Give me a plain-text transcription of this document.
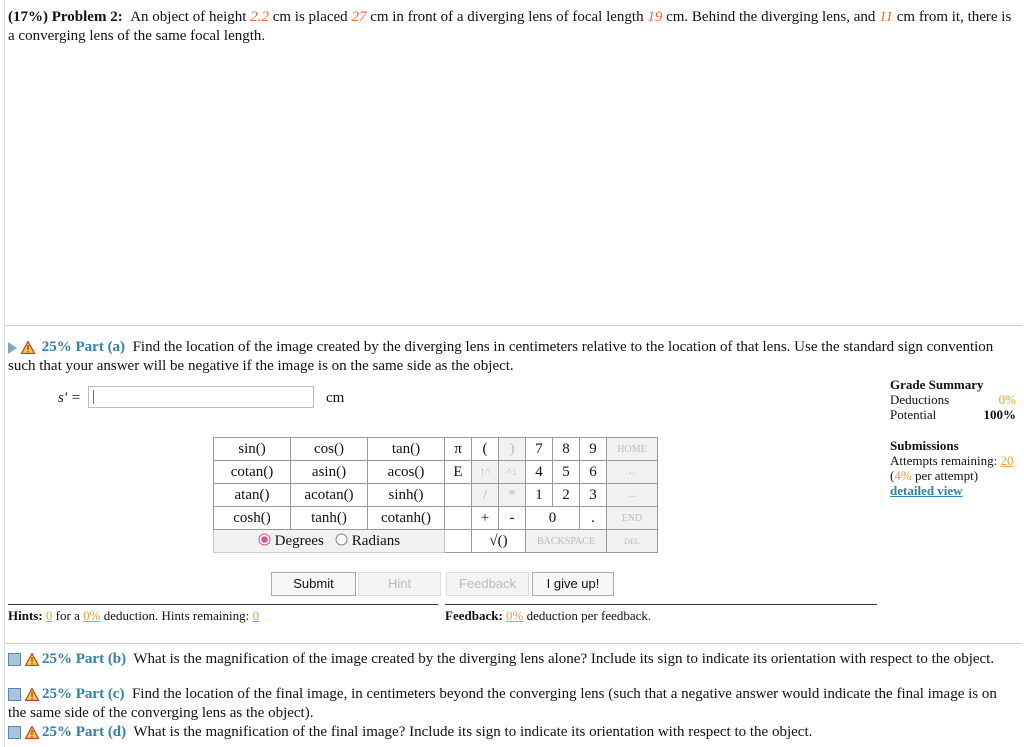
(17%) Problem 2: An object of height 2.2 cm is placed 27 cm in front of a diverging lens of focal length 19 cm. Behind the diverging lens, and 11 cm from it, there is a converging lens of the same focal length.
25% Part (a) Find the location of the image created by the diverging lens in centimeters relative to the location of that lens. Use the standard sign convention such that your answer will be negative if the image is on the same side as the object.
s' =	cm
Grade Summary
Deductions	0%
Potential	100%
Submissions
Attempts remaining: 20
(4% per attempt)
detailed view
sin()	cos()	tan()	π	(	)	7	8	9	HOME
cotan()	asin()	acos()	E	↑^	^↓	4	5	6	←
atan()	acotan()	sinh()		/	*	1	2	3	→
cosh()	tanh()	cotanh()		+	-	0		.	END
Degrees Radians				√()		BACKSPACE			DEL
Submit	Hint	Feedback	I give up!
Hints: 0 for a 0% deduction. Hints remaining: 0	Feedback: 0% deduction per feedback.
25% Part (b) What is the magnification of the image created by the diverging lens alone? Include its sign to indicate its orientation with respect to the object.
25% Part (c) Find the location of the final image, in centimeters beyond the converging lens (such that a negative answer would indicate the final image is on the same side of the converging lens as the object).
25% Part (d) What is the magnification of the final image? Include its sign to indicate its orientation with respect to the object.
